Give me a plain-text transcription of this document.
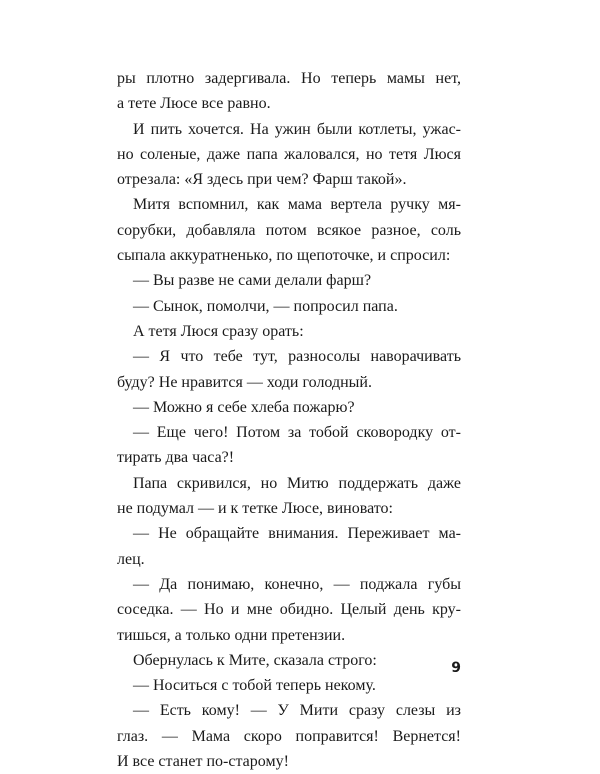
ры плотно задергивала. Но теперь мамы нет,
а тете Люсе все равно.
И пить хочется. На ужин были котлеты, ужас-
но соленые, даже папа жаловался, но тетя Люся
отрезала: «Я здесь при чем? Фарш такой».
Митя вспомнил, как мама вертела ручку мя-
сорубки, добавляла потом всякое разное, соль
сыпала аккуратненько, по щепоточке, и спросил:
— Вы разве не сами делали фарш?
— Сынок, помолчи, — попросил папа.
А тетя Люся сразу орать:
— Я что тебе тут, разносолы наворачивать
буду? Не нравится — ходи голодный.
— Можно я себе хлеба пожарю?
— Еще чего! Потом за тобой сковородку от-
тирать два часа?!
Папа скривился, но Митю поддержать даже
не подумал — и к тетке Люсе, виновато:
— Не обращайте внимания. Переживает ма-
лец.
— Да понимаю, конечно, — поджала губы
соседка. — Но и мне обидно. Целый день кру-
тишься, а только одни претензии.
Обернулась к Мите, сказала строго:
— Носиться с тобой теперь некому.
— Есть кому! — У Мити сразу слезы из
глаз. — Мама скоро поправится! Вернется!
И все станет по-старому!
9
